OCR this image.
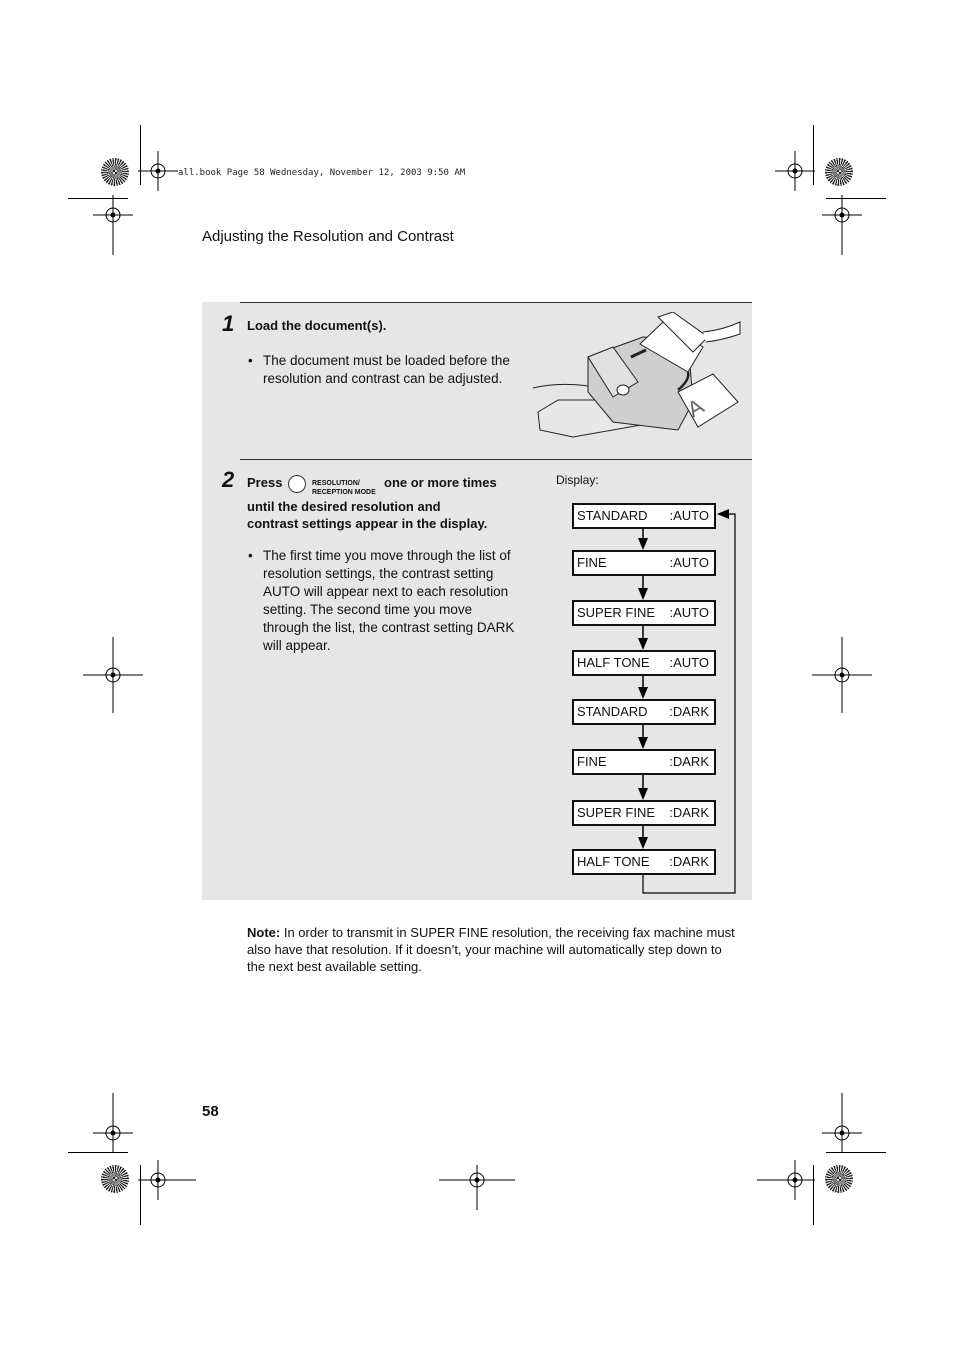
all.book Page 58 Wednesday, November 12, 2003 9:50 AM
Adjusting the Resolution and Contrast
1 Load the document(s).
• The document must be loaded before the resolution and contrast can be adjusted.
A
2 Press	RESOLUTION/
RECEPTION MODE
one or more times
until the desired resolution and
contrast settings appear in the display.
• The first time you move through the list of resolution settings, the contrast setting AUTO will appear next to each resolution setting. The second time you move through the list, the contrast setting DARK will appear.
Display:
STANDARD :AUTO
FINE	:AUTO
SUPER FINE :AUTO
HALF TONE :AUTO
STANDARD :DARK
FINE	:DARK
SUPER FINE :DARK
HALF TONE :DARK
Note: In order to transmit in SUPER FINE resolution, the receiving fax machine must also have that resolution. If it doesn’t, your machine will automatically step down to the next best available setting.
58
